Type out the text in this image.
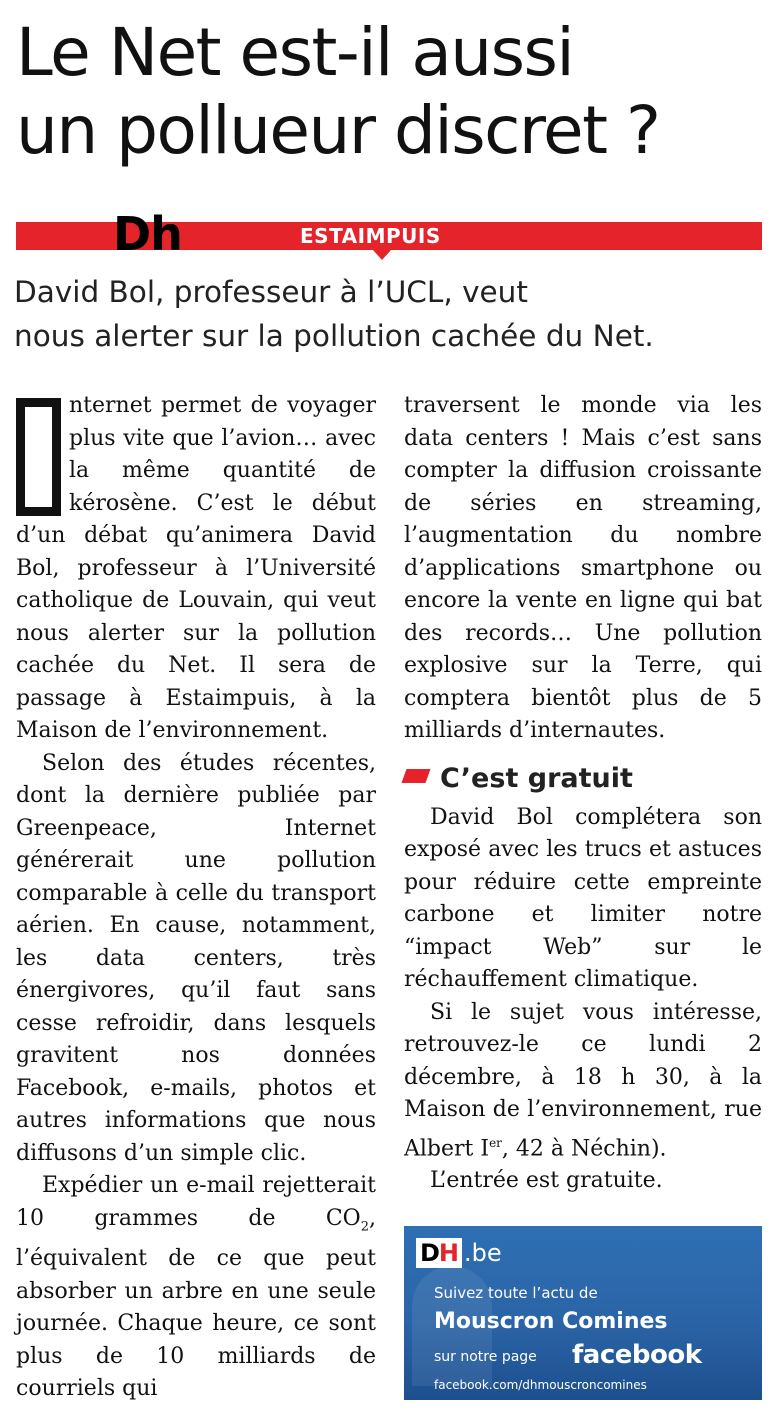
Le Net est-il aussi
un pollueur discret ?
Dh	ESTAIMPUIS
David Bol, professeur à l’UCL, veut
nous alerter sur la pollution cachée du Net.

nternet permet de voyager plus vite que l’avion… avec la même quantité de kérosène. C’est le début d’un débat qu’animera David Bol, professeur à l’Université catholique de Louvain, qui veut nous alerter sur la pollution cachée du Net. Il sera de passage à Estaimpuis, à la Maison de l’environnement.

Selon des études récentes, dont la dernière publiée par Greenpeace, Internet générerait une pollution comparable à celle du transport aérien. En cause, notamment, les data centers, très énergivores, qu’il faut sans cesse refroidir, dans lesquels gravitent nos données Facebook, e-mails, photos et autres informations que nous diffusons d’un simple clic.

Expédier un e-mail rejetterait 10 grammes de $CO_2$, l’équivalent de ce que peut absorber un arbre en une seule journée. Chaque heure, ce sont plus de 10 milliards de courriels qui

traversent le monde via les data centers ! Mais c’est sans compter la diffusion croissante de séries en streaming, l’augmentation du nombre d’applications smartphone ou encore la vente en ligne qui bat des records… Une pollution explosive sur la Terre, qui comptera bientôt plus de 5 milliards d’internautes.

C’est gratuit

David Bol complétera son exposé avec les trucs et astuces pour réduire cette empreinte carbone et limiter notre “impact Web” sur le réchauffement climatique.

Si le sujet vous intéresse, retrouvez-le ce lundi 2 décembre, à 18 h 30, à la Maison de l’environnement, rue Albert Ier, 42 à Néchin).

L’entrée est gratuite.

DH .be
Suivez toute l’actu de
Mouscron Comines
sur notre page facebook
facebook.com/dhmouscroncomines
